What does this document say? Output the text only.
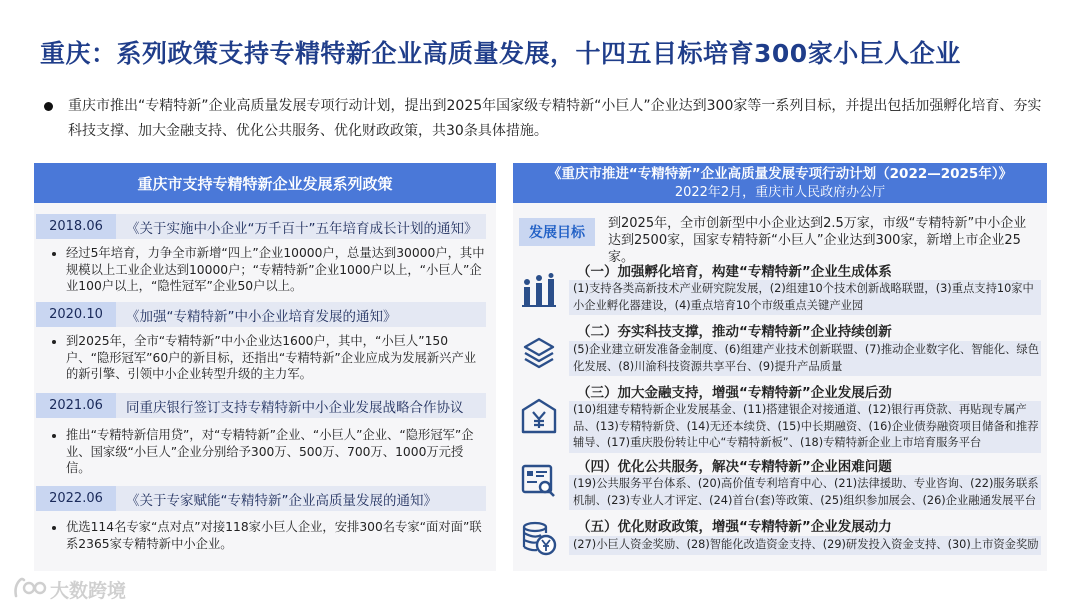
重庆：系列政策支持专精特新企业高质量发展，十四五目标培育300家小巨人企业
重庆市推出“专精特新”企业高质量发展专项行动计划，提出到2025年国家级专精特新“小巨人”企业达到300家等一系列目标，并提出包括加强孵化培育、夯实科技支撑、加大金融支持、优化公共服务、优化财政政策，共30条具体措施。
重庆市支持专精特新企业发展系列政策
2018.06	《关于实施中小企业“万千百十”五年培育成长计划的通知》
经过5年培育，力争全市新增“四上”企业10000户，总量达到30000户，其中规模以上工业企业达到10000户；“专精特新”企业1000户以上，“小巨人”企业100户以上，“隐性冠军”企业50户以上。
2020.10	《加强“专精特新”中小企业培育发展的通知》
到2025年，全市“专精特新”中小企业达1600户，其中，“小巨人”150户、“隐形冠军”60户的新目标，还指出“专精特新”企业应成为发展新兴产业的新引擎、引领中小企业转型升级的主力军。
2021.06	同重庆银行签订支持专精特新中小企业发展战略合作协议
推出“专精特新信用贷”，对“专精特新”企业、“小巨人”企业、“隐形冠军”企业、国家级“小巨人”企业分别给予300万、500万、700万、1000万元授信。
2022.06	《关于专家赋能“专精特新”企业高质量发展的通知》
优选114名专家“点对点”对接118家小巨人企业，安排300名专家“面对面”联系2365家专精特新中小企业。
《重庆市推进“专精特新”企业高质量发展专项行动计划（2022—2025年）》
2022年2月，重庆市人民政府办公厅
发展目标
到2025年，全市创新型中小企业达到2.5万家，市级“专精特新”中小企业达到2500家，国家专精特新“小巨人”企业达到300家，新增上市企业25家。
（一）加强孵化培育，构建“专精特新”企业生成体系
(1)支持各类高新技术产业研究院发展，(2)组建10个技术创新战略联盟，(3)重点支持10家中小企业孵化器建设，(4)重点培育10个市级重点关键产业园
（二）夯实科技支撑，推动“专精特新”企业持续创新
(5)企业建立研发准备金制度、(6)组建产业技术创新联盟、(7)推动企业数字化、智能化、绿色化发展、(8)川渝科技资源共享平台、(9)提升产品质量
（三）加大金融支持，增强“专精特新”企业发展后劲
(10)组建专精特新企业发展基金、(11)搭建银企对接通道、(12)银行再贷款、再贴现专属产品、(13)专精特新贷、(14)无还本续贷、(15)中长期融资、(16)企业债券融资项目储备和推荐辅导、(17)重庆股份转让中心“专精特新板”、(18)专精特新企业上市培育服务平台
（四）优化公共服务，解决“专精特新”企业困难问题
(19)公共服务平台体系、(20)高价值专利培育中心、(21)法律援助、专业咨询、(22)服务联系机制、(23)专业人才评定、(24)首台(套)等政策、(25)组织参加展会、(26)企业融通发展平台
（五）优化财政政策，增强“专精特新”企业发展动力
(27)小巨人资金奖励、(28)智能化改造资金支持、(29)研发投入资金支持、(30)上市资金奖励
大数跨境
